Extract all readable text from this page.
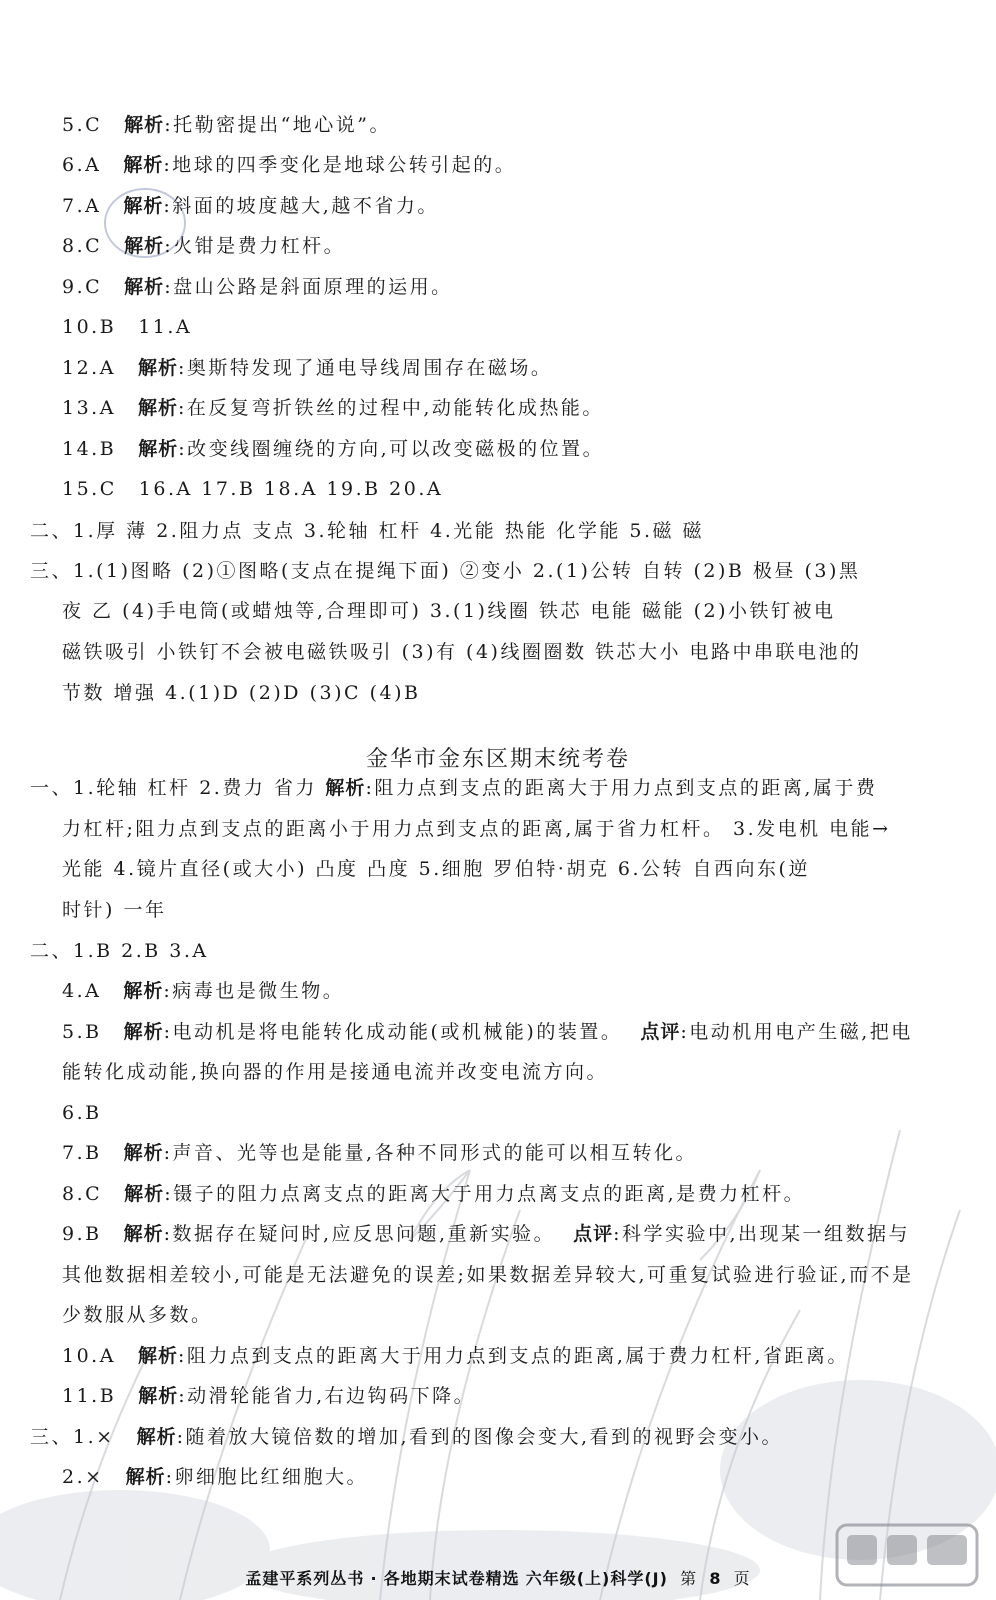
5.C 解析:托勒密提出“地心说”。
6.A 解析:地球的四季变化是地球公转引起的。
7.A 解析:斜面的坡度越大,越不省力。
8.C 解析:火钳是费力杠杆。
9.C 解析:盘山公路是斜面原理的运用。
10.B 11.A
12.A 解析:奥斯特发现了通电导线周围存在磁场。
13.A 解析:在反复弯折铁丝的过程中,动能转化成热能。
14.B 解析:改变线圈缠绕的方向,可以改变磁极的位置。
15.C 16.A 17.B 18.A 19.B 20.A
二、1.厚 薄 2.阻力点 支点 3.轮轴 杠杆 4.光能 热能 化学能 5.磁 磁
三、1.(1)图略 (2)①图略(支点在提绳下面) ②变小 2.(1)公转 自转 (2)B 极昼 (3)黑
夜 乙 (4)手电筒(或蜡烛等,合理即可) 3.(1)线圈 铁芯 电能 磁能 (2)小铁钉被电
磁铁吸引 小铁钉不会被电磁铁吸引 (3)有 (4)线圈圈数 铁芯大小 电路中串联电池的
节数 增强 4.(1)D (2)D (3)C (4)B
金华市金东区期末统考卷
一、1.轮轴 杠杆 2.费力 省力 解析:阻力点到支点的距离大于用力点到支点的距离,属于费
力杠杆;阻力点到支点的距离小于用力点到支点的距离,属于省力杠杆。 3.发电机 电能→
光能 4.镜片直径(或大小) 凸度 凸度 5.细胞 罗伯特·胡克 6.公转 自西向东(逆
时针) 一年
二、1.B 2.B 3.A
4.A 解析:病毒也是微生物。
5.B 解析:电动机是将电能转化成动能(或机械能)的装置。 点评:电动机用电产生磁,把电
能转化成动能,换向器的作用是接通电流并改变电流方向。
6.B
7.B 解析:声音、光等也是能量,各种不同形式的能可以相互转化。
8.C 解析:镊子的阻力点离支点的距离大于用力点离支点的距离,是费力杠杆。
9.B 解析:数据存在疑问时,应反思问题,重新实验。 点评:科学实验中,出现某一组数据与
其他数据相差较小,可能是无法避免的误差;如果数据差异较大,可重复试验进行验证,而不是
少数服从多数。
10.A 解析:阻力点到支点的距离大于用力点到支点的距离,属于费力杠杆,省距离。
11.B 解析:动滑轮能省力,右边钩码下降。
三、1.× 解析:随着放大镜倍数的增加,看到的图像会变大,看到的视野会变小。
2.× 解析:卵细胞比红细胞大。
孟建平系列丛书 · 各地期末试卷精选 六年级(上)科学(J) 第 8 页
